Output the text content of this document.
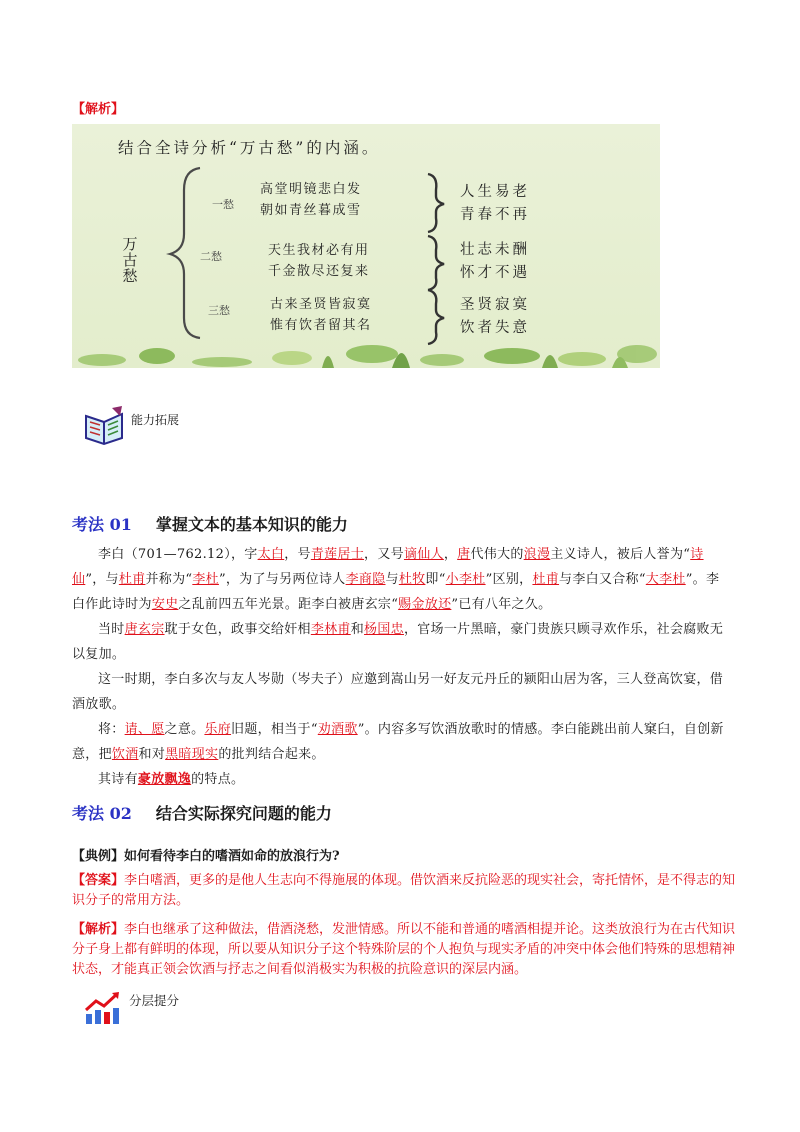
【解析】
结合全诗分析“万古愁”的内涵。
万古愁
一愁
高堂明镜悲白发
朝如青丝暮成雪
人生易老
青春不再
二愁	天生我材必有用
千金散尽还复来
壮志未酬
怀才不遇
三愁	古来圣贤皆寂寞
惟有饮者留其名
圣贤寂寞
饮者失意
能力拓展
考法 01 掌握文本的基本知识的能力
李白（701—762.12），字太白，号青莲居士，又号谪仙人，唐代伟大的浪漫主义诗人，被后人誉为“诗仙”，与杜甫并称为“李杜”，为了与另两位诗人李商隐与杜牧即“小李杜”区别，杜甫与李白又合称“大李杜”。李白作此诗时为安史之乱前四五年光景。距李白被唐玄宗“赐金放还”已有八年之久。
当时唐玄宗耽于女色，政事交给奸相李林甫和杨国忠，官场一片黑暗，豪门贵族只顾寻欢作乐，社会腐败无以复加。
这一时期，李白多次与友人岑勋（岑夫子）应邀到嵩山另一好友元丹丘的颍阳山居为客，三人登高饮宴，借酒放歌。
将：请、愿之意。乐府旧题，相当于“劝酒歌”。内容多写饮酒放歌时的情感。李白能跳出前人窠臼，自创新意，把饮酒和对黑暗现实的批判结合起来。
其诗有豪放飘逸的特点。
考法 02 结合实际探究问题的能力
【典例】如何看待李白的嗜酒如命的放浪行为?
【答案】李白嗜酒，更多的是他人生志向不得施展的体现。借饮酒来反抗险恶的现实社会，寄托情怀，是不得志的知识分子的常用方法。
【解析】李白也继承了这种做法，借酒浇愁，发泄情感。所以不能和普通的嗜酒相提并论。这类放浪行为在古代知识分子身上都有鲜明的体现，所以要从知识分子这个特殊阶层的个人抱负与现实矛盾的冲突中体会他们特殊的思想精神状态，才能真正领会饮酒与抒志之间看似消极实为积极的抗险意识的深层内涵。
分层提分
